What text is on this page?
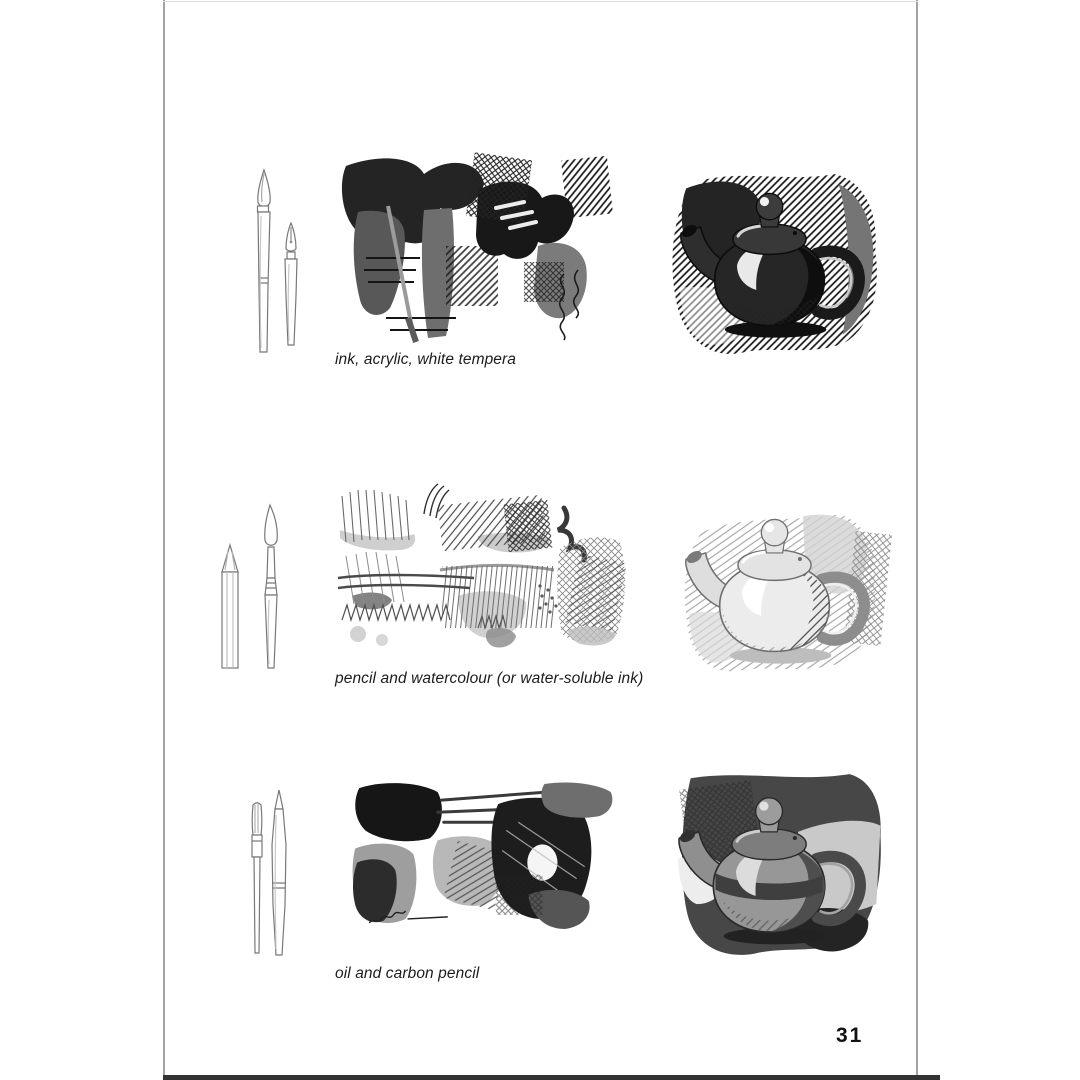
ink, acrylic, white tempera
pencil and watercolour (or water-soluble ink)
oil and carbon pencil
31
